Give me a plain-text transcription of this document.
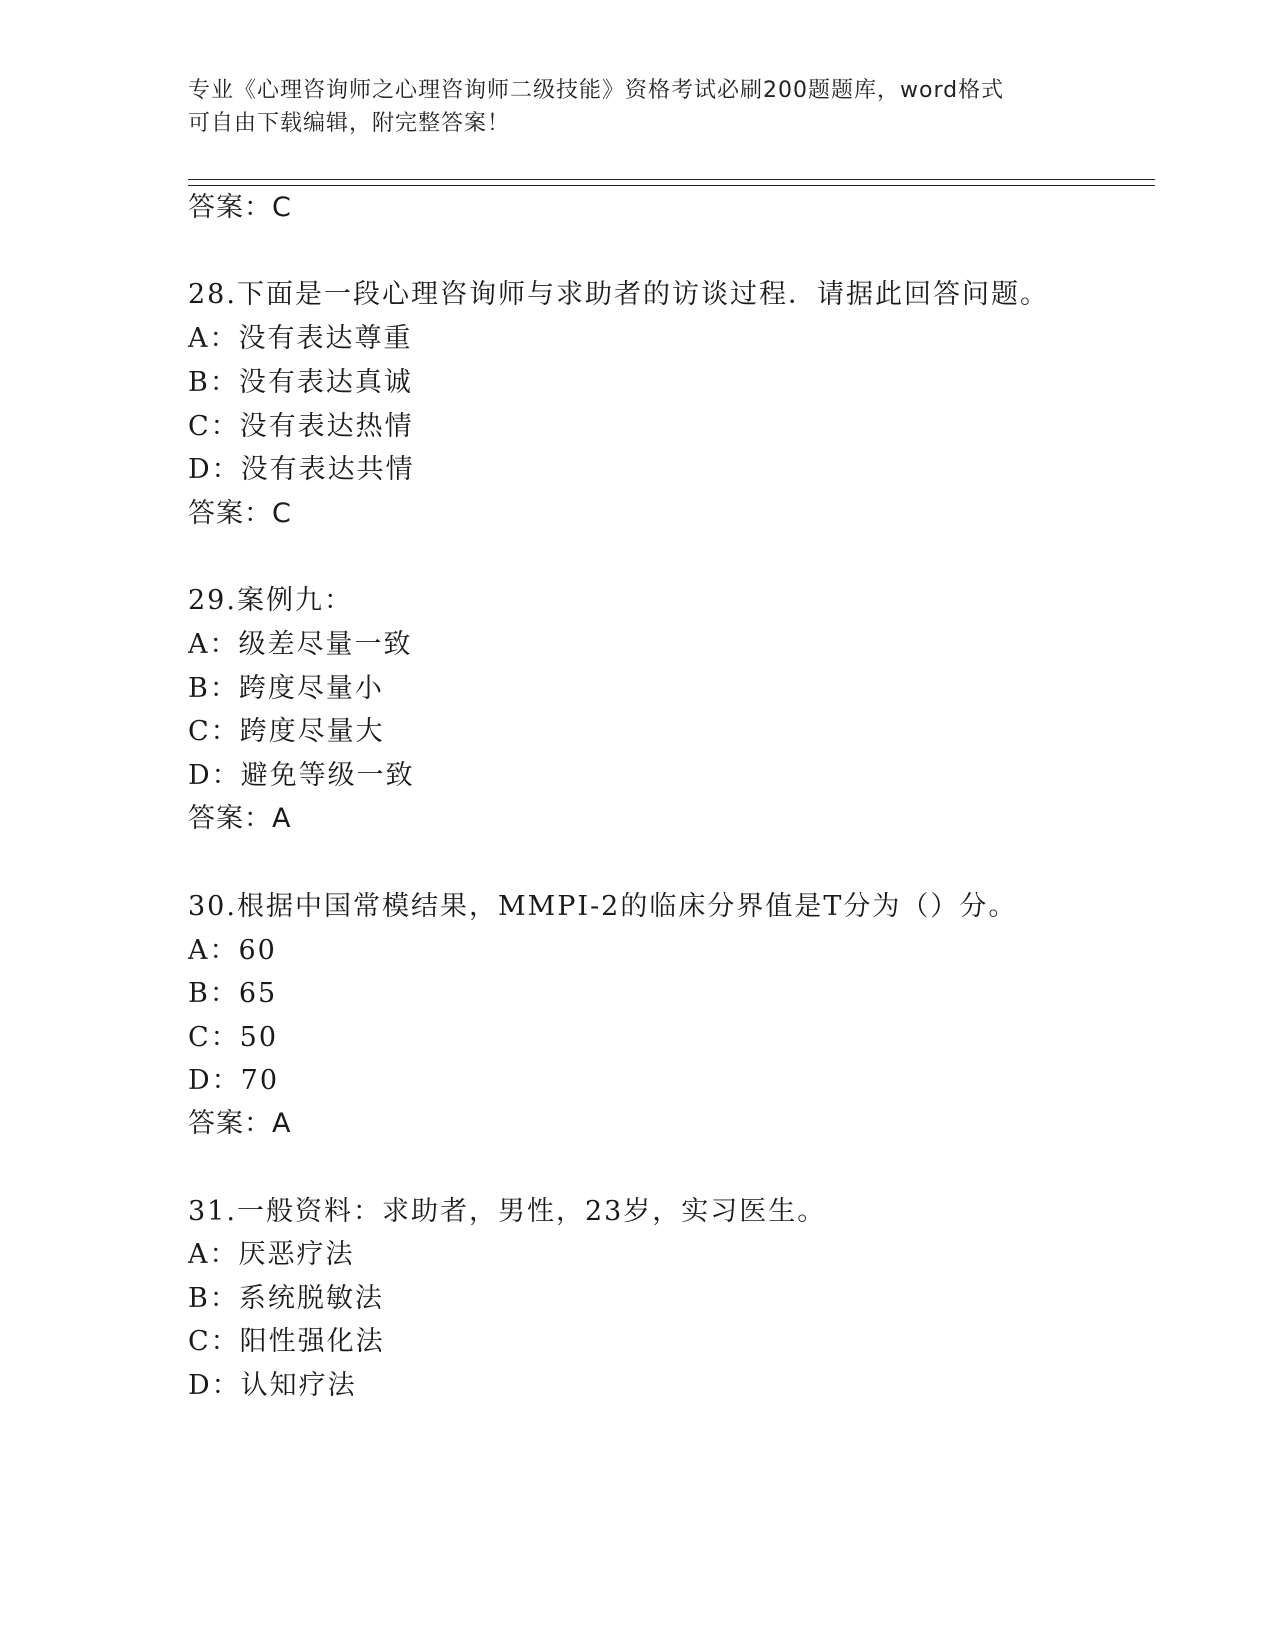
专业《心理咨询师之心理咨询师二级技能》资格考试必刷200题题库，word格式
可自由下载编辑，附完整答案！
答案：C
28.下面是一段心理咨询师与求助者的访谈过程．请据此回答问题。
A：没有表达尊重
B：没有表达真诚
C：没有表达热情
D：没有表达共情
答案：C
29.案例九：
A：级差尽量一致
B：跨度尽量小
C：跨度尽量大
D：避免等级一致
答案：A
30.根据中国常模结果，MMPI-2的临床分界值是T分为（）分。
A：60
B：65
C：50
D：70
答案：A
31.一般资料：求助者，男性，23岁，实习医生。
A：厌恶疗法
B：系统脱敏法
C：阳性强化法
D：认知疗法
